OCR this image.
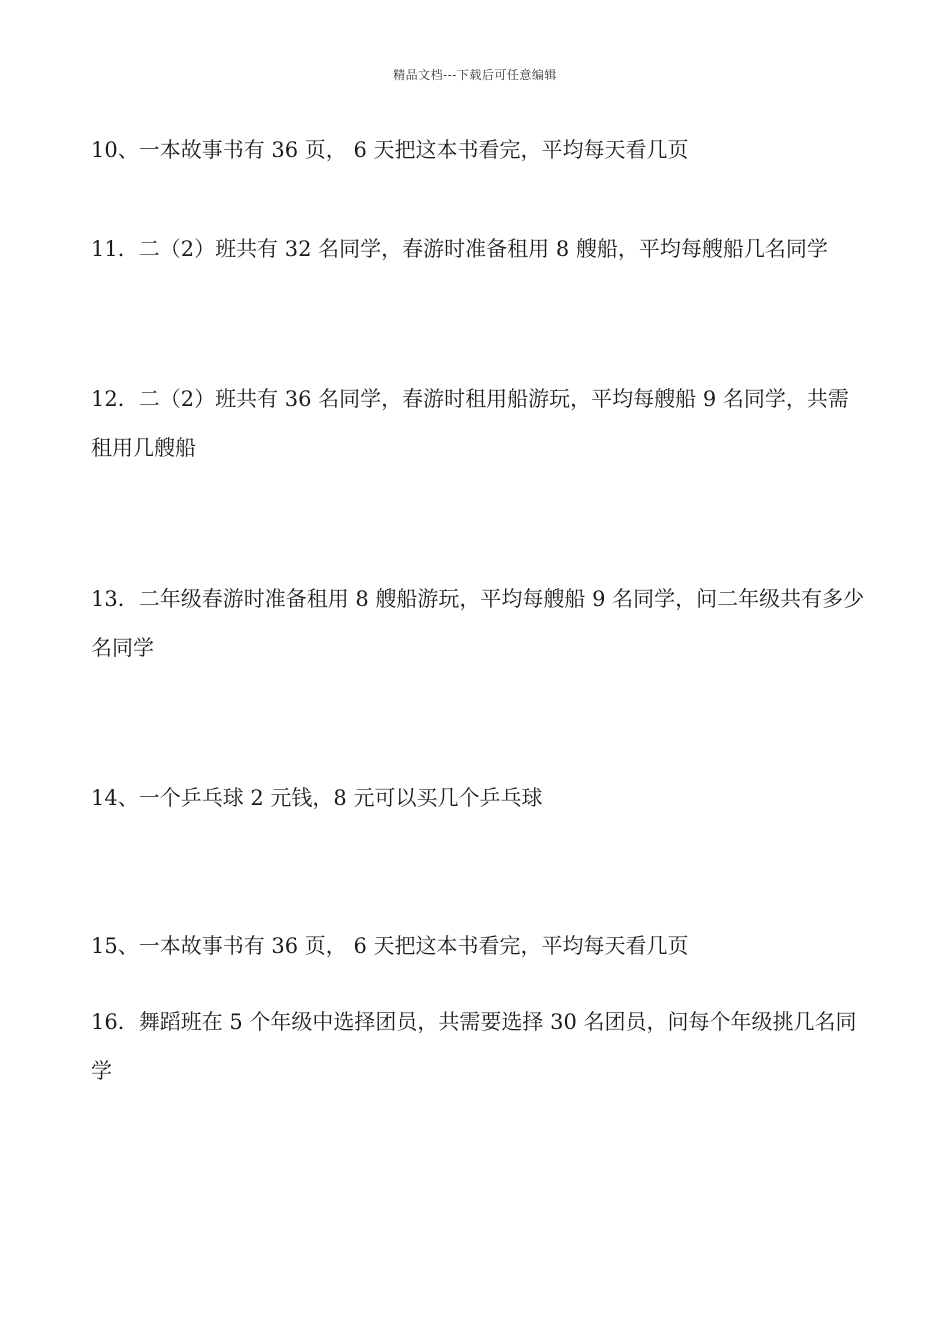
精品文档---下载后可任意编辑
10、一本故事书有 36 页， 6 天把这本书看完，平均每天看几页
11．二（2）班共有 32 名同学，春游时准备租用 8 艘船，平均每艘船几名同学
12．二（2）班共有 36 名同学，春游时租用船游玩，平均每艘船 9 名同学，共需租用几艘船
13．二年级春游时准备租用 8 艘船游玩，平均每艘船 9 名同学，问二年级共有多少名同学
14、一个乒乓球 2 元钱，8 元可以买几个乒乓球
15、一本故事书有 36 页， 6 天把这本书看完，平均每天看几页
16．舞蹈班在 5 个年级中选择团员，共需要选择 30 名团员，问每个年级挑几名同学
